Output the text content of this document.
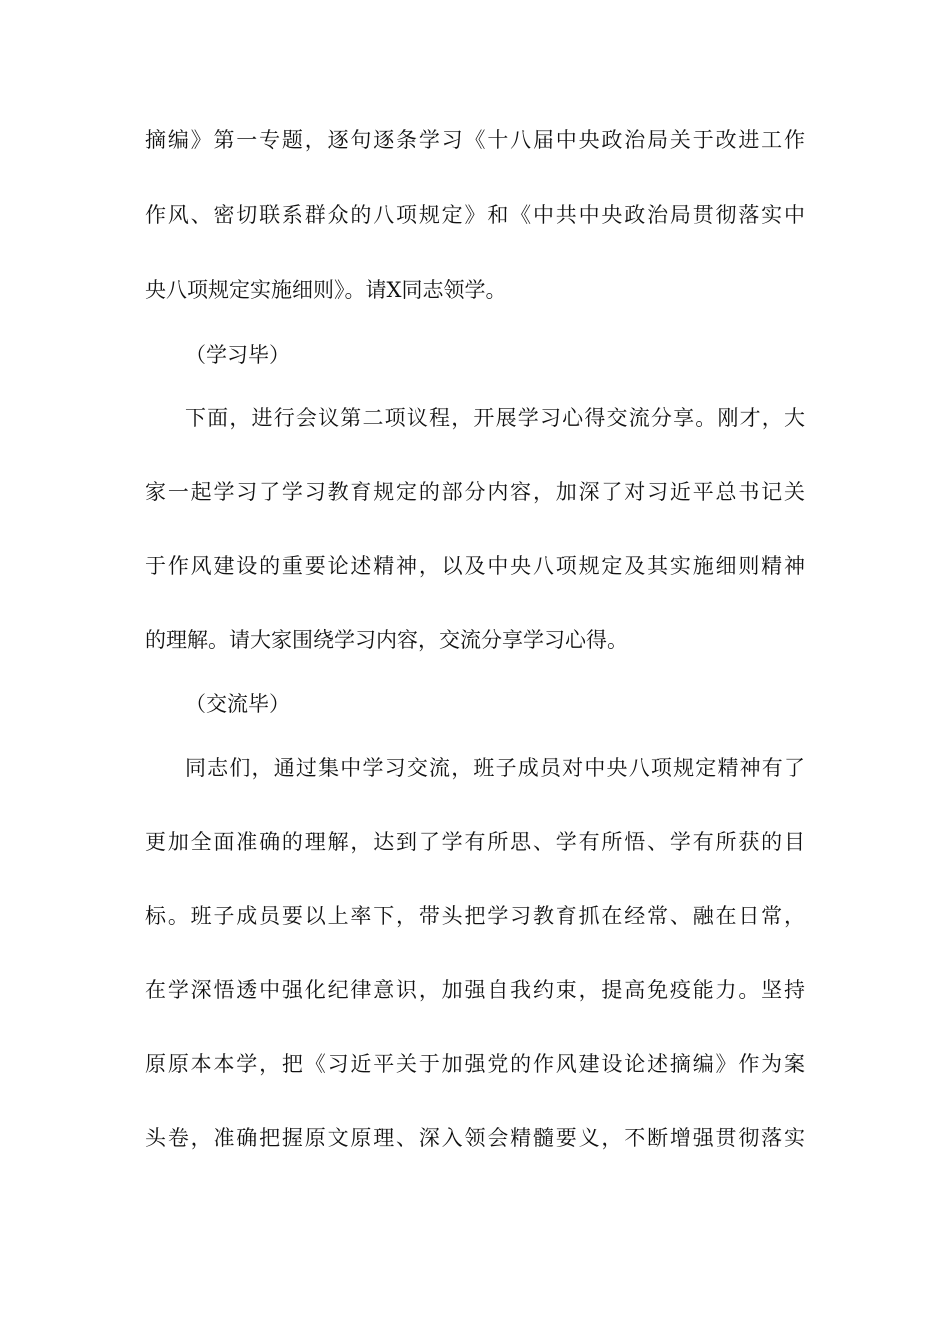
摘编》第一专题，逐句逐条学习《十八届中央政治局关于改进工作
作风、密切联系群众的八项规定》和《中共中央政治局贯彻落实中
央八项规定实施细则》。请X同志领学。
（学习毕）
下面，进行会议第二项议程，开展学习心得交流分享。刚才，大
家一起学习了学习教育规定的部分内容，加深了对习近平总书记关
于作风建设的重要论述精神，以及中央八项规定及其实施细则精神
的理解。请大家围绕学习内容，交流分享学习心得。
（交流毕）
同志们，通过集中学习交流，班子成员对中央八项规定精神有了
更加全面准确的理解，达到了学有所思、学有所悟、学有所获的目
标。班子成员要以上率下，带头把学习教育抓在经常、融在日常，
在学深悟透中强化纪律意识，加强自我约束，提高免疫能力。坚持
原原本本学，把《习近平关于加强党的作风建设论述摘编》作为案
头卷，准确把握原文原理、深入领会精髓要义，不断增强贯彻落实
